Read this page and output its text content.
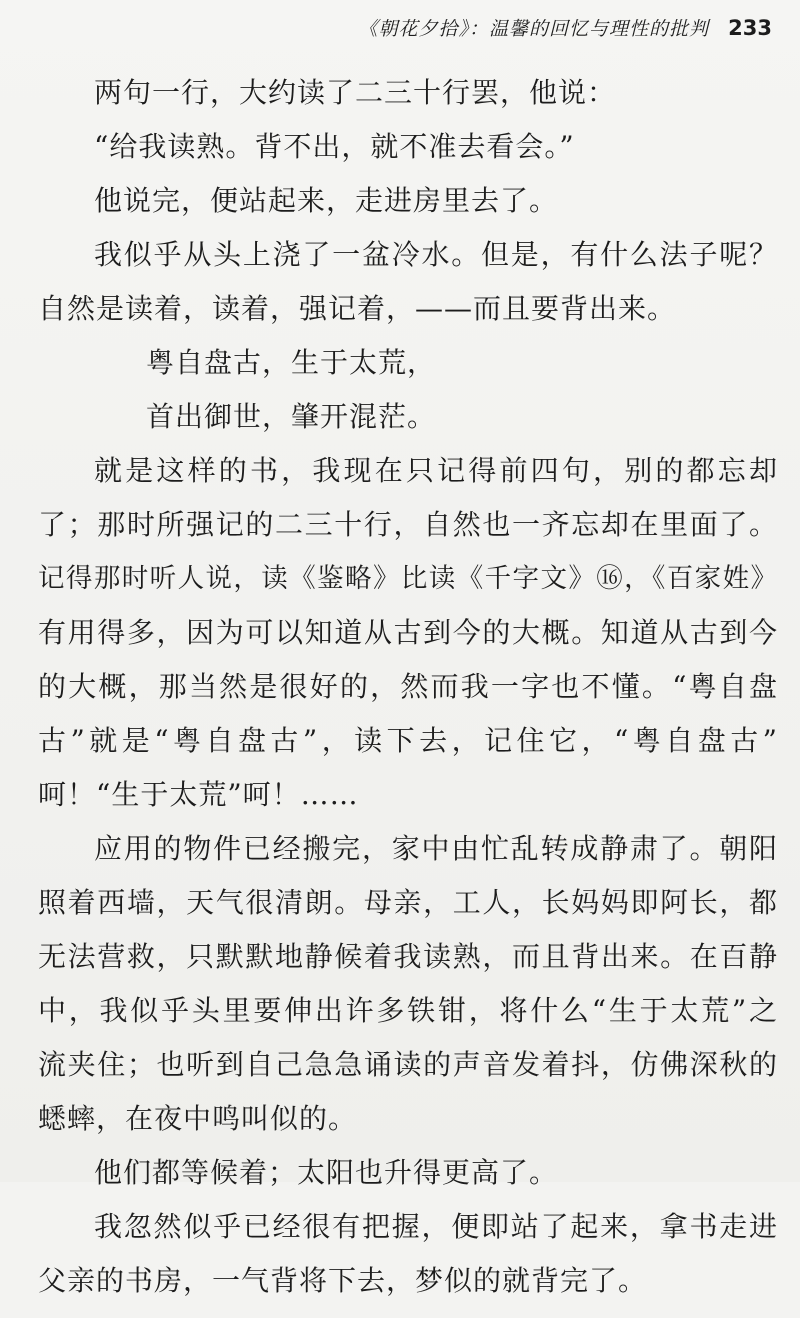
《朝花夕拾》：温馨的回忆与理性的批判 233
两句一行，大约读了二三十行罢，他说：
“给我读熟。背不出，就不准去看会。”
他说完，便站起来，走进房里去了。
我似乎从头上浇了一盆冷水。但是，有什么法子呢？
自然是读着，读着，强记着，——而且要背出来。
粤自盘古，生于太荒，
首出御世，肇开混茫。
就是这样的书，我现在只记得前四句，别的都忘却
了；那时所强记的二三十行，自然也一齐忘却在里面了。
记得那时听人说，读《鉴略》比读《千字文》⑯，《百家姓》
有用得多，因为可以知道从古到今的大概。知道从古到今
的大概，那当然是很好的，然而我一字也不懂。“粤自盘
古”就是“粤自盘古”，读下去，记住它，“粤自盘古”
呵！“生于太荒”呵！……
应用的物件已经搬完，家中由忙乱转成静肃了。朝阳
照着西墙，天气很清朗。母亲，工人，长妈妈即阿长，都
无法营救，只默默地静候着我读熟，而且背出来。在百静
中，我似乎头里要伸出许多铁钳，将什么“生于太荒”之
流夹住；也听到自己急急诵读的声音发着抖，仿佛深秋的
蟋蟀，在夜中鸣叫似的。
他们都等候着；太阳也升得更高了。
我忽然似乎已经很有把握，便即站了起来，拿书走进
父亲的书房，一气背将下去，梦似的就背完了。
